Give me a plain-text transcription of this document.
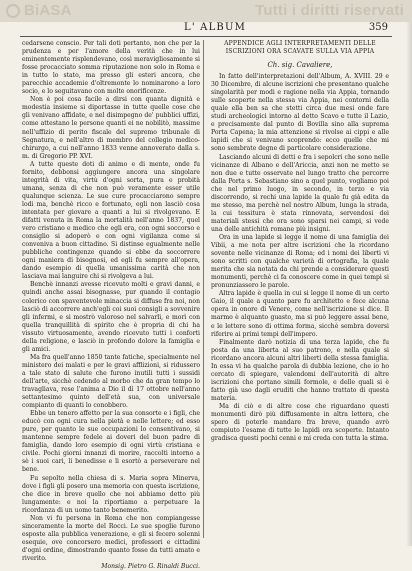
BiASA	Tutti i diritti riservati
L' ALBUM	359

cedarsene conscio. Per tali doti pertanto, non che per la prudenza e per l'amore della verità che in lui eminentemente risplendevano, così meravigliosamente si fosse procacciato somma riputazione non solo in Roma e in tutto lo stato, ma presso gli esteri ancora, che parecchie accademie d'oltremonte lo nominarono a loro socio, e lo seguitavano con molte onorificenze.

Non è poi cosa facile a dirsi con quanta dignità e modestia insieme si diportasse in tutte quelle cose che gli venivano affidate, e nel disimpegno de' pubblici uffizi, come attestano le persone quanti ei ne nobilitò, massime nell'uffizio di perito fiscale del supremo tribunale di Segnatura, e nell'altro di membro del collegio medico-chirurgo, a cui nell'anno 1833 venne annoverato dalla s. m. di Gregorio PP. XVI.

A tutte queste doti di animo e di mente, onde fu fornito, debbonsi aggiungere ancora una singolare integrità di vita, virtù d'ogni sorta, pura e probità umana, senza di che non può veramente esser utile qualunque scienza. Le sue cure procacciarono sempre lodi ma, benchè ricco e fortunato, egli non lasciò cosa intentata per giovare a quanti a lui si rivolgevano. E difatti venuta in Roma la mortalità nell'anno 1837, quel vero cristiano e medico che egli era, con ogni soccorso e consiglio si adoperò e con ogni vigilanza come si conveniva a buon cittadino. Si distinse egualmente nelle pubbliche contingenze quando si ebbe da soccorrere ogni maniera di bisognosi, ed egli fu sempre all'opera, dando esempio di quella umanissima carità che non lasciava mai languire chi si rivolgeva a lui.

Benchè innanzi avesse ricevuto molti e gravi danni, e quindi anche assai bisognasse, pur quando il contagio colerico con spaventevole minaccia si diffuse fra noi, non lasciò di accorrere anch'egli coi suoi consigli a sovvenire gli infermi, e si mostrò valoroso nel salvarli, e morì con quella tranquillità di spirito che è propria di chi ha vissuto virtuosamente, avendo ricevuto tutti i conforti della religione, e lasciò in profondo dolore la famiglia e gli amici.

Ma fra quell'anno 1850 tante fatiche, specialmente nel ministero dei malati e per le gravi afflizioni, si ridussero a tale stato di salute che furono inutili tutti i sussidi dell'arte, sicchè cedendo al morbo che da gran tempo lo travagliava, rese l'anima a Dio il dì 17 ottobre nell'anno settantesimo quinto dell'età sua, con universale compianto di quanti lo conobbero.

Ebbe un tenero affetto per la sua consorte e i figli, che educò con ogni cura nella pietà e nelle lettere; ed esso pure, per quanto le sue occupazioni lo consentivano, si mantenne sempre fedele ai doveri del buon padre di famiglia, dando loro esempio di ogni virtù cristiana e civile. Pochi giorni innanzi di morire, raccolti intorno a sè i suoi cari, li benedisse e li esortò a perseverare nel bene.

Fu sepolto nella chiesa di s. Maria sopra Minerva, dove i figli gli posero una memoria con questa iscrizione, che dice in breve quello che noi abbiamo detto più lungamente: e noi la riportiamo a perpetuare la ricordanza di un uomo tanto benemerito.

Non vi fu persona in Roma che non compiangesse sinceramente la morte del Rocci. Le sue spoglie furono esposte alla pubblica venerazione, e gli si fecero solenni esequie, ove concorsero medici, professori e cittadini d'ogni ordine, dimostrando quanto fosse da tutti amato e riverito.

Monsig. Pietro G. Rinaldi Bucci.

APPENDICE AGLI INTERPRETAMENTI DELLE ISCRIZIONI ORA SCAVATE SULLA VIA APPIA

Ch. sig. Cavaliere,

In fatto dell'interpretazioni dell'Album, A. XVIII. 29 e 30 Dicembre, di alcune iscrizioni che presentano qualche singolarità per modi e ragione nella via Appia, tornando sulle scoperte nella stessa via Appia, nei contorni della quale ella ben sa che stetti circa due mesi onde fare studi archeologici intorno al detto Scavo e tutte il Lazio, e precisamente dal punto di Bovilla sino alla suprema Porta Capena; la mia attenzione si rivolse ai cippi e alle lapidi che si venivano scoprendo: ecco quelle che mi sono sembrate degne di particolare considerazione.

Lasciando alcuni di detti e fra i sepolcri che sono nelle vicinanze di Albano e dell'Ariccia, anzi non ne metto se non due e tutte osservate nel lungo tratto che percorre dalla Porta s. Sebastiano sino a quel punto, vogliamo poi che nel primo luogo, in secondo, in terzo e via discorrendo, si rechi una lapide la quale fu già edita da me stesso, ma perchè nel nostro Album, lunga la strada, la cui tessitura è stata rinnovata, servendosi dei materiali stessi che ora sono sparsi nei campi, si vede una delle antichità romane più insigni.

Ora in una lapide si legge il nome di una famiglia dei Vibii, a me nota per altre iscrizioni che la ricordano sovente nelle vicinanze di Roma; ed i nomi dei liberti vi sono scritti con qualche varietà di ortografia, la quale merita che sia notata da chi prende a considerare questi monumenti, perchè ci fa conoscere come in quei tempi si pronunziassero le parole.

Altra lapide è quella in cui si legge il nome di un certo Gaio, il quale a quanto pare fu architetto e fece alcuna opera in onore di Venere, come nell'iscrizione si dice. Il marmo è alquanto guasto, ma si può leggere assai bene, e le lettere sono di ottima forma, sicchè sembra doversi riferire ai primi tempi dell'impero.

Finalmente darò notizia di una terza lapide, che fu posta da una liberta al suo patrono, e nella quale si ricordano ancora alcuni altri liberti della stessa famiglia. In essa vi ha qualche parola di dubbia lezione, che io ho cercato di spiegare, valendomi dell'autorità di altre iscrizioni che portano simili formole, e delle quali si è fatto già uso dagli eruditi che hanno trattato di questa materia.

Ma di ciò e di altre cose che riguardano questi monumenti dirò più diffusamente in altra lettera, che spero di poterle mandare fra breve, quando avrò compiuto l'esame di tutte le lapidi ora scoperte. Intanto gradisca questi pochi cenni e mi creda con tutta la stima.
